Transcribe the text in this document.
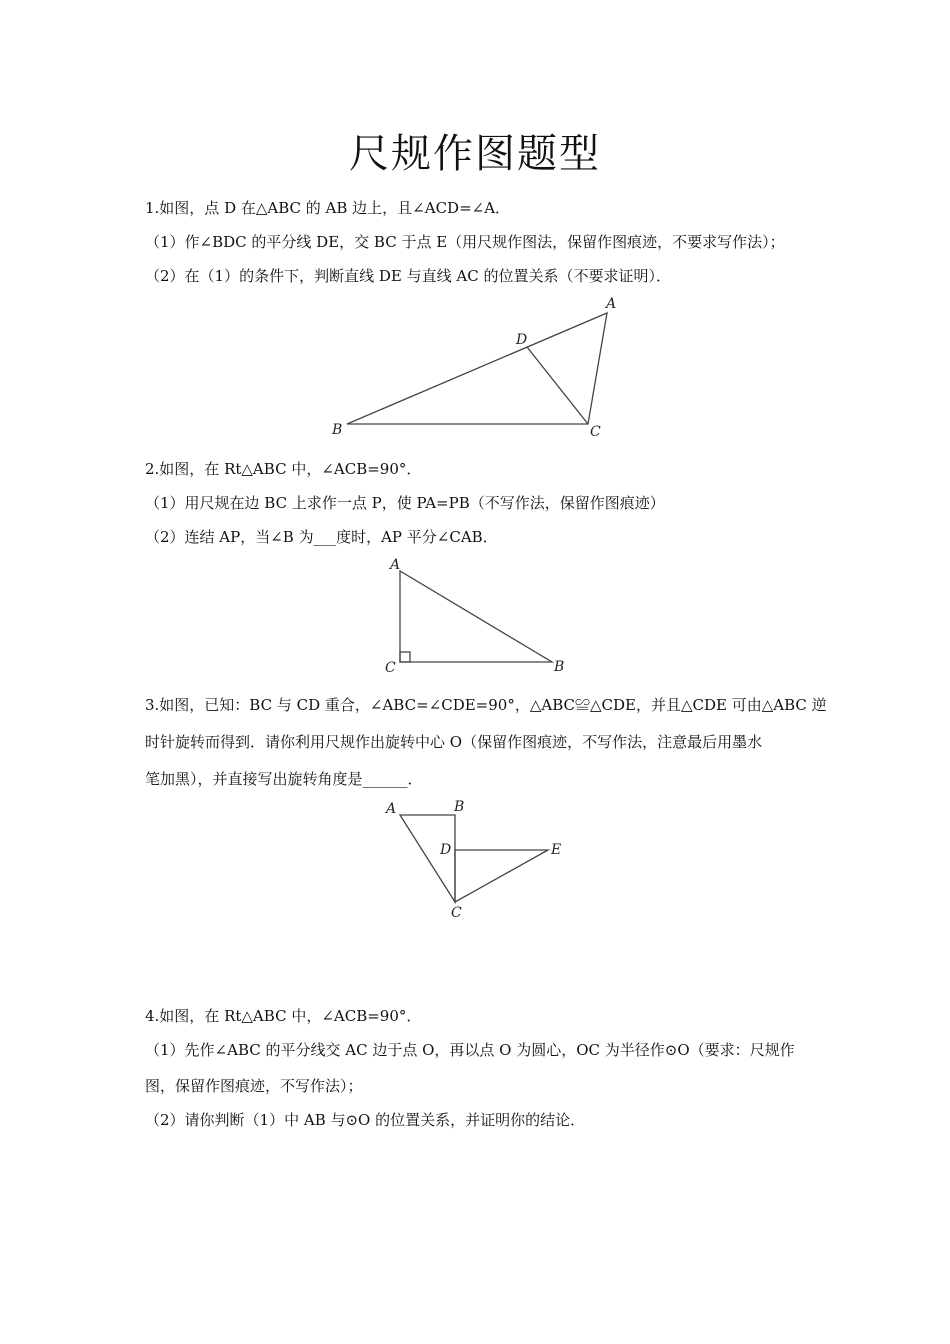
尺规作图题型
1.如图，点 D 在△ABC 的 AB 边上，且∠ACD=∠A．
（1）作∠BDC 的平分线 DE，交 BC 于点 E（用尺规作图法，保留作图痕迹，不要求写作法）；
（2）在（1）的条件下，判断直线 DE 与直线 AC 的位置关系（不要求证明）．
A
B	C
D
2.如图，在 Rt△ABC 中，∠ACB=90°．
（1）用尺规在边 BC 上求作一点 P，使 PA=PB（不写作法，保留作图痕迹）
（2）连结 AP，当∠B 为___度时，AP 平分∠CAB．
A
B
C
3.如图，已知：BC 与 CD 重合，∠ABC=∠CDE=90°，△ABC≌△CDE，并且△CDE 可由△ABC 逆
时针旋转而得到．请你利用尺规作出旋转中心 O（保留作图痕迹，不写作法，注意最后用墨水
笔加黑），并直接写出旋转角度是______．
A	B
C
D	E
4.如图，在 Rt△ABC 中，∠ACB=90°．
（1）先作∠ABC 的平分线交 AC 边于点 O，再以点 O 为圆心，OC 为半径作⊙O（要求：尺规作
图，保留作图痕迹，不写作法）；
（2）请你判断（1）中 AB 与⊙O 的位置关系，并证明你的结论．
